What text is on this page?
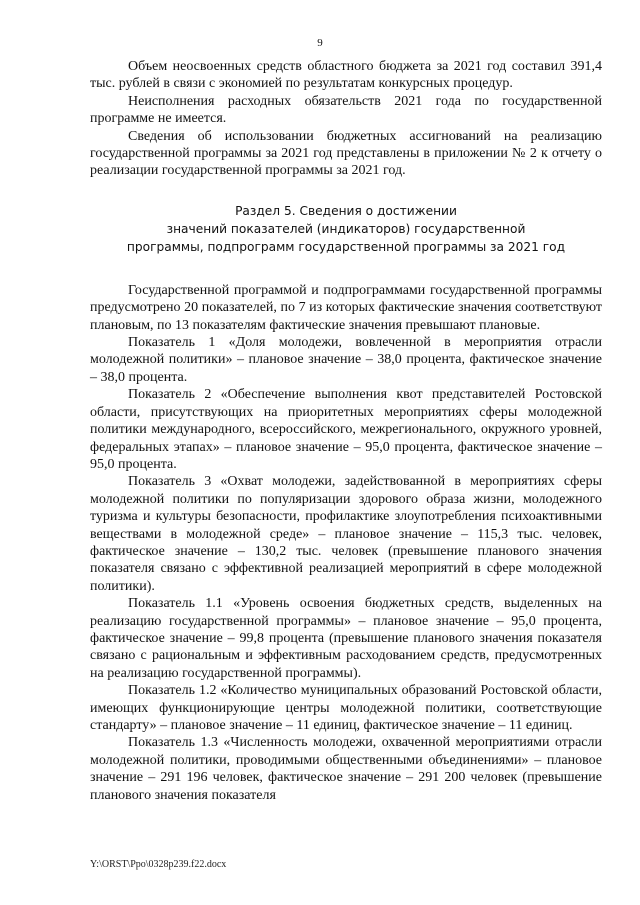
9

Объем неосвоенных средств областного бюджета за 2021 год составил 391,4 тыс. рублей в связи с экономией по результатам конкурсных процедур.

Неисполнения расходных обязательств 2021 года по государственной программе не имеется.

Сведения об использовании бюджетных ассигнований на реализацию государственной программы за 2021 год представлены в приложении № 2 к отчету о реализации государственной программы за 2021 год.

Раздел 5. Сведения о достижении
значений показателей (индикаторов) государственной
программы, подпрограмм государственной программы за 2021 год

Государственной программой и подпрограммами государственной программы предусмотрено 20 показателей, по 7 из которых фактические значения соответствуют плановым, по 13 показателям фактические значения превышают плановые.

Показатель 1 «Доля молодежи, вовлеченной в мероприятия отрасли молодежной политики» – плановое значение – 38,0 процента, фактическое значение – 38,0 процента.

Показатель 2 «Обеспечение выполнения квот представителей Ростовской области, присутствующих на приоритетных мероприятиях сферы молодежной политики международного, всероссийского, межрегионального, окружного уровней, федеральных этапах» – плановое значение – 95,0 процента, фактическое значение – 95,0 процента.

Показатель 3 «Охват молодежи, задействованной в мероприятиях сферы молодежной политики по популяризации здорового образа жизни, молодежного туризма и культуры безопасности, профилактике злоупотребления психоактивными веществами в молодежной среде» – плановое значение – 115,3 тыс. человек, фактическое значение – 130,2 тыс. человек (превышение планового значения показателя связано с эффективной реализацией мероприятий в сфере молодежной политики).

Показатель 1.1 «Уровень освоения бюджетных средств, выделенных на реализацию государственной программы» – плановое значение – 95,0 процента, фактическое значение – 99,8 процента (превышение планового значения показателя связано с рациональным и эффективным расходованием средств, предусмотренных на реализацию государственной программы).

Показатель 1.2 «Количество муниципальных образований Ростовской области, имеющих функционирующие центры молодежной политики, соответствующие стандарту» – плановое значение – 11 единиц, фактическое значение – 11 единиц.

Показатель 1.3 «Численность молодежи, охваченной мероприятиями отрасли молодежной политики, проводимыми общественными объединениями» – плановое значение – 291 196 человек, фактическое значение – 291 200 человек (превышение планового значения показателя

Y:\ORST\Ppo\0328p239.f22.docx
